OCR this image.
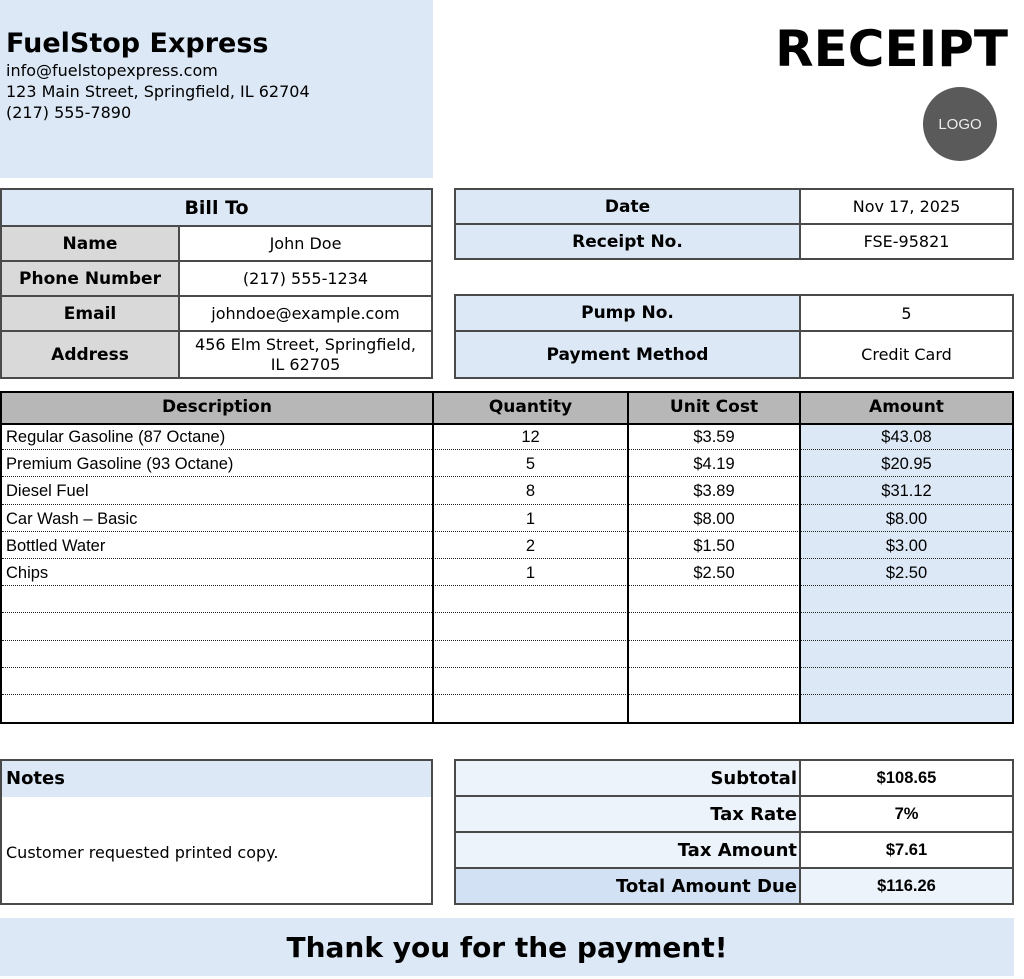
FuelStop Express
info@fuelstopexpress.com
123 Main Street, Springfield, IL 62704
(217) 555-7890
RECEIPT
LOGO
Bill To
Name	John Doe
Phone Number	(217) 555-1234
Email	johndoe@example.com
Address
456 Elm Street, Springfield,
IL 62705
Date	Nov 17, 2025
Receipt No.	FSE-95821
Pump No.	5
Payment Method	Credit Card
Description	Quantity	Unit Cost	Amount
Regular Gasoline (87 Octane)	12	$3.59	$43.08
Premium Gasoline (93 Octane)	5	$4.19	$20.95
Diesel Fuel	8	$3.89	$31.12
Car Wash – Basic	1	$8.00	$8.00
Bottled Water	2	$1.50	$3.00
Chips	1	$2.50	$2.50
Notes
Customer requested printed copy.
Subtotal	$108.65
Tax Rate	7%
Tax Amount	$7.61
Total Amount Due	$116.26
Thank you for the payment!
